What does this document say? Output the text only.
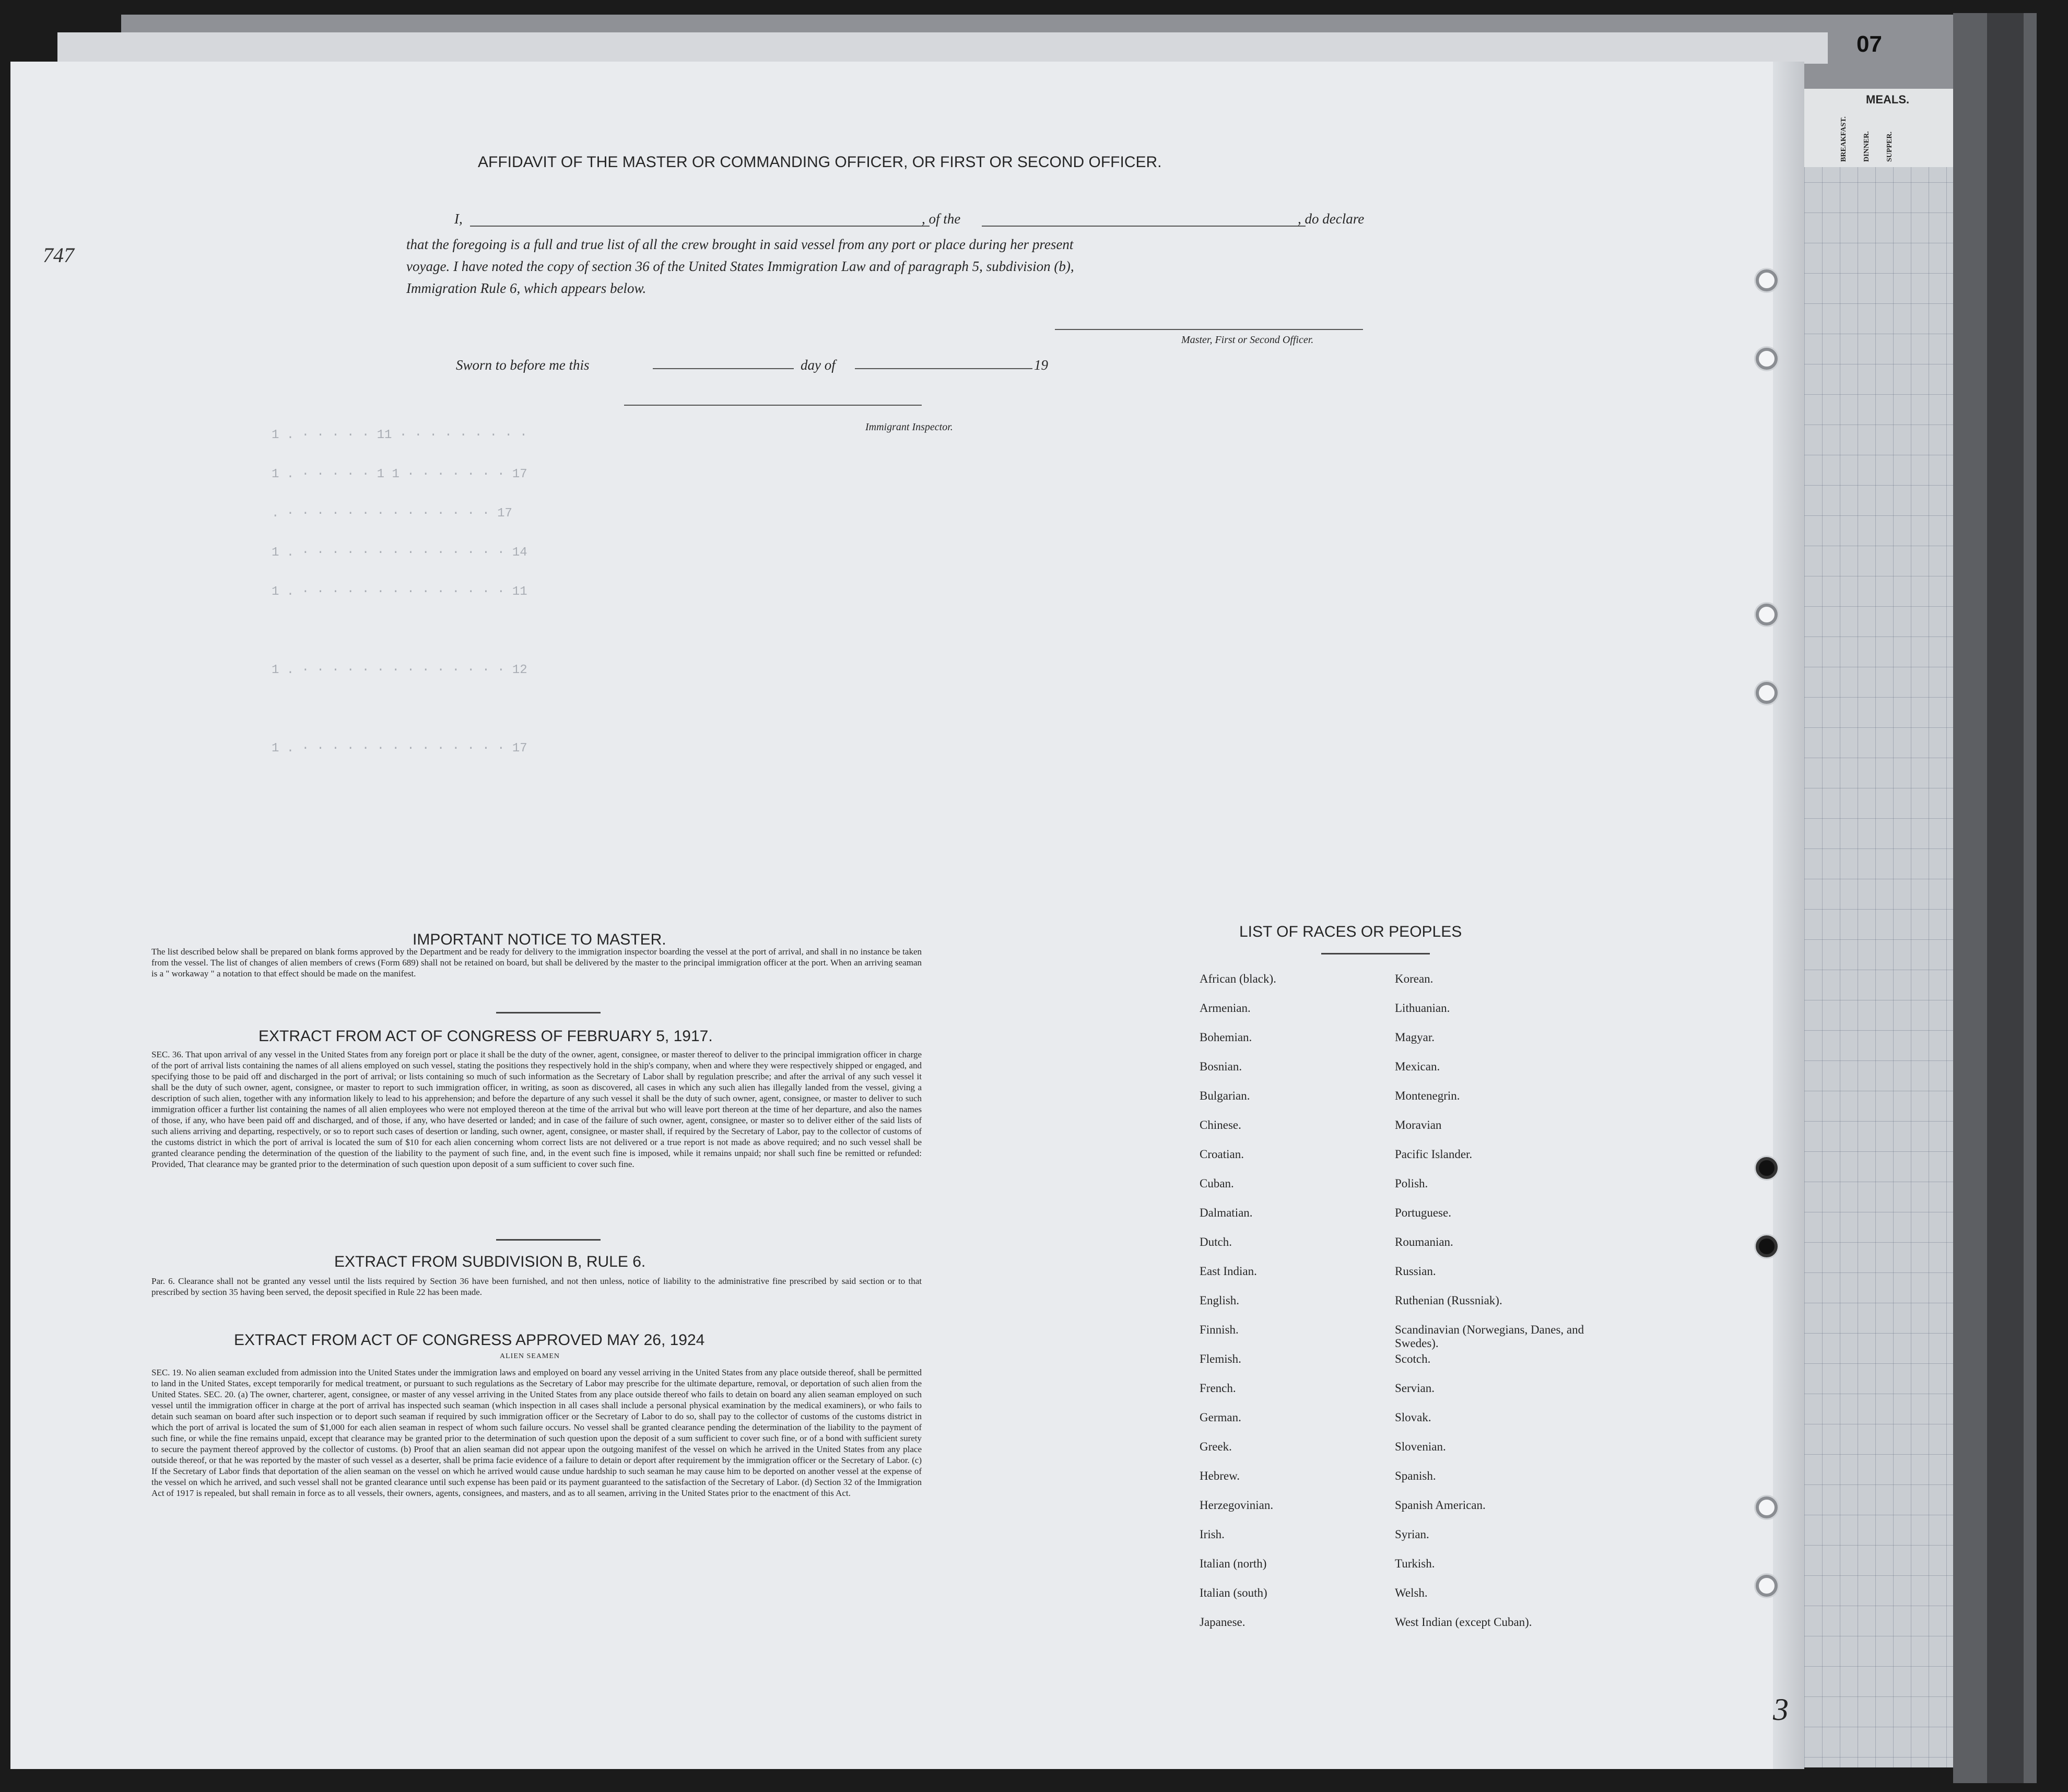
07
MEALS.
BREAKFAST. DINNER. SUPPER.
1 . · · · · · 11 · · · · · · · · ·
1 . · · · · · 1 1 · · · · · · · 17
. · · · · · · · · · · · · · · 17
1 . · · · · · · · · · · · · · · 14
1 . · · · · · · · · · · · · · · 11
1 . · · · · · · · · · · · · · · 12
1 . · · · · · · · · · · · · · · 17
747
3
AFFIDAVIT OF THE MASTER OR COMMANDING OFFICER, OR FIRST OR SECOND OFFICER.
I,	, of the	, do declare
that the foregoing is a full and true list of all the crew brought in said vessel from any port or place during her present
voyage. I have noted the copy of section 36 of the United States Immigration Law and of paragraph 5, subdivision (b),
Immigration Rule 6, which appears below.
Master, First or Second Officer.
Sworn to before me this	day of	19
Immigrant Inspector.
IMPORTANT NOTICE TO MASTER.
The list described below shall be prepared on blank forms approved by the Department and be ready for delivery to the immigration inspector boarding the vessel at the port of arrival, and shall in no instance be taken from the vessel. The list of changes of alien members of crews (Form 689) shall not be retained on board, but shall be delivered by the master to the principal immigration officer at the port. When an arriving seaman is a " workaway " a notation to that effect should be made on the manifest.
EXTRACT FROM ACT OF CONGRESS OF FEBRUARY 5, 1917.
SEC. 36. That upon arrival of any vessel in the United States from any foreign port or place it shall be the duty of the owner, agent, consignee, or master thereof to deliver to the principal immigration officer in charge of the port of arrival lists containing the names of all aliens employed on such vessel, stating the positions they respectively hold in the ship's company, when and where they were respectively shipped or engaged, and specifying those to be paid off and discharged in the port of arrival; or lists containing so much of such information as the Secretary of Labor shall by regulation prescribe; and after the arrival of any such vessel it shall be the duty of such owner, agent, consignee, or master to report to such immigration officer, in writing, as soon as discovered, all cases in which any such alien has illegally landed from the vessel, giving a description of such alien, together with any information likely to lead to his apprehension; and before the departure of any such vessel it shall be the duty of such owner, agent, consignee, or master to deliver to such immigration officer a further list containing the names of all alien employees who were not employed thereon at the time of the arrival but who will leave port thereon at the time of her departure, and also the names of those, if any, who have been paid off and discharged, and of those, if any, who have deserted or landed; and in case of the failure of such owner, agent, consignee, or master so to deliver either of the said lists of such aliens arriving and departing, respectively, or so to report such cases of desertion or landing, such owner, agent, consignee, or master shall, if required by the Secretary of Labor, pay to the collector of customs of the customs district in which the port of arrival is located the sum of $10 for each alien concerning whom correct lists are not delivered or a true report is not made as above required; and no such vessel shall be granted clearance pending the determination of the question of the liability to the payment of such fine, and, in the event such fine is imposed, while it remains unpaid; nor shall such fine be remitted or refunded: Provided, That clearance may be granted prior to the determination of such question upon deposit of a sum sufficient to cover such fine.
EXTRACT FROM SUBDIVISION B, RULE 6.
Par. 6. Clearance shall not be granted any vessel until the lists required by Section 36 have been furnished, and not then unless, notice of liability to the administrative fine prescribed by said section or to that prescribed by section 35 having been served, the deposit specified in Rule 22 has been made.
EXTRACT FROM ACT OF CONGRESS APPROVED MAY 26, 1924
ALIEN SEAMEN
SEC. 19. No alien seaman excluded from admission into the United States under the immigration laws and employed on board any vessel arriving in the United States from any place outside thereof, shall be permitted to land in the United States, except temporarily for medical treatment, or pursuant to such regulations as the Secretary of Labor may prescribe for the ultimate departure, removal, or deportation of such alien from the United States. SEC. 20. (a) The owner, charterer, agent, consignee, or master of any vessel arriving in the United States from any place outside thereof who fails to detain on board any alien seaman employed on such vessel until the immigration officer in charge at the port of arrival has inspected such seaman (which inspection in all cases shall include a personal physical examination by the medical examiners), or who fails to detain such seaman on board after such inspection or to deport such seaman if required by such immigration officer or the Secretary of Labor to do so, shall pay to the collector of customs of the customs district in which the port of arrival is located the sum of $1,000 for each alien seaman in respect of whom such failure occurs. No vessel shall be granted clearance pending the determination of the liability to the payment of such fine, or while the fine remains unpaid, except that clearance may be granted prior to the determination of such question upon the deposit of a sum sufficient to cover such fine, or of a bond with sufficient surety to secure the payment thereof approved by the collector of customs. (b) Proof that an alien seaman did not appear upon the outgoing manifest of the vessel on which he arrived in the United States from any place outside thereof, or that he was reported by the master of such vessel as a deserter, shall be prima facie evidence of a failure to detain or deport after requirement by the immigration officer or the Secretary of Labor. (c) If the Secretary of Labor finds that deportation of the alien seaman on the vessel on which he arrived would cause undue hardship to such seaman he may cause him to be deported on another vessel at the expense of the vessel on which he arrived, and such vessel shall not be granted clearance until such expense has been paid or its payment guaranteed to the satisfaction of the Secretary of Labor. (d) Section 32 of the Immigration Act of 1917 is repealed, but shall remain in force as to all vessels, their owners, agents, consignees, and masters, and as to all seamen, arriving in the United States prior to the enactment of this Act.
LIST OF RACES OR PEOPLES
African (black).	Korean.
Armenian.	Lithuanian.
Bohemian.	Magyar.
Bosnian.	Mexican.
Bulgarian.	Montenegrin.
Chinese.	Moravian
Croatian.	Pacific Islander.
Cuban.	Polish.
Dalmatian.	Portuguese.
Dutch.	Roumanian.
East Indian.	Russian.
English.	Ruthenian (Russniak).
Finnish.	Scandinavian (Norwegians, Danes, and Swedes).
Flemish.	Scotch.
French.	Servian.
German.	Slovak.
Greek.	Slovenian.
Hebrew.	Spanish.
Herzegovinian.	Spanish American.
Irish.	Syrian.
Italian (north)	Turkish.
Italian (south)	Welsh.
Japanese.	West Indian (except Cuban).
